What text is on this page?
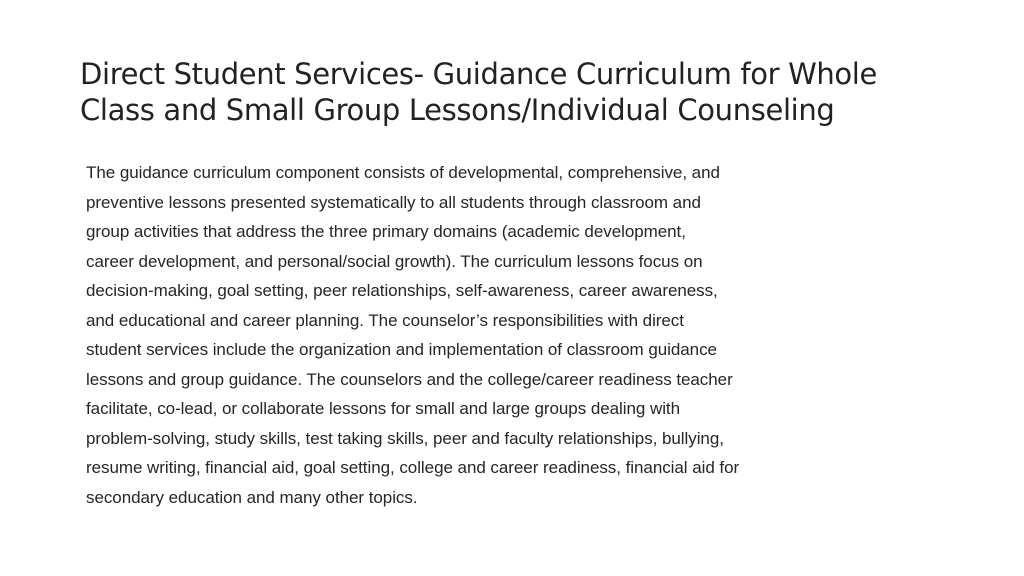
Direct Student Services- Guidance Curriculum for Whole
Class and Small Group Lessons/Individual Counseling
The guidance curriculum component consists of developmental, comprehensive, and
preventive lessons presented systematically to all students through classroom and
group activities that address the three primary domains (academic development,
career development, and personal/social growth). The curriculum lessons focus on
decision-making, goal setting, peer relationships, self-awareness, career awareness,
and educational and career planning. The counselor’s responsibilities with direct
student services include the organization and implementation of classroom guidance
lessons and group guidance. The counselors and the college/career readiness teacher
facilitate, co-lead, or collaborate lessons for small and large groups dealing with
problem-solving, study skills, test taking skills, peer and faculty relationships, bullying,
resume writing, financial aid, goal setting, college and career readiness, financial aid for
secondary education and many other topics.
